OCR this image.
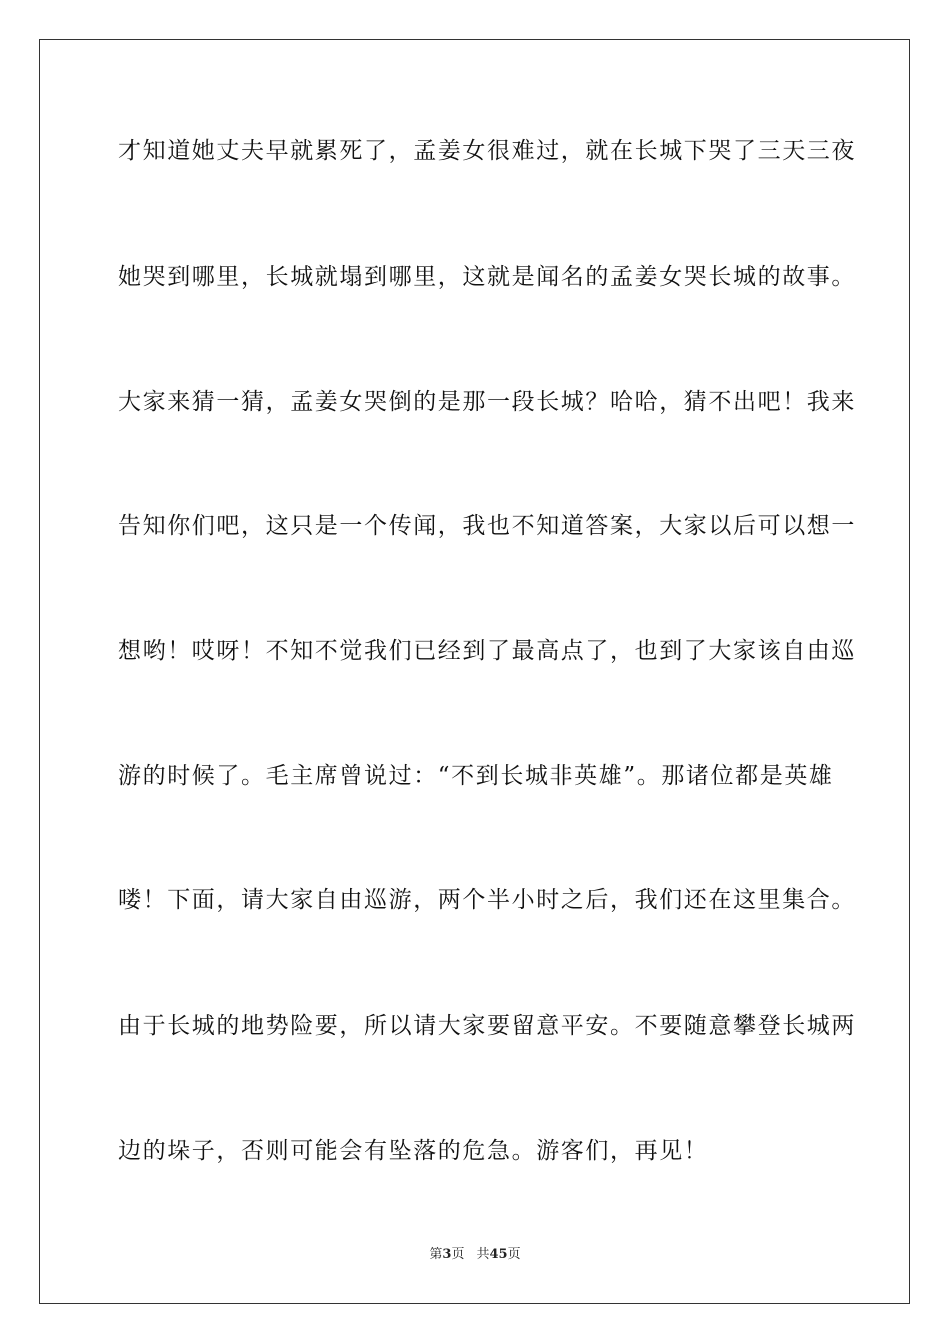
才知道她丈夫早就累死了，孟姜女很难过，就在长城下哭了三天三夜
她哭到哪里，长城就塌到哪里，这就是闻名的孟姜女哭长城的故事。
大家来猜一猜，孟姜女哭倒的是那一段长城？哈哈，猜不出吧！我来
告知你们吧，这只是一个传闻，我也不知道答案，大家以后可以想一
想哟！哎呀！不知不觉我们已经到了最高点了，也到了大家该自由巡
游的时候了。毛主席曾说过：“不到长城非英雄”。那诸位都是英雄
喽！下面，请大家自由巡游，两个半小时之后，我们还在这里集合。
由于长城的地势险要，所以请大家要留意平安。不要随意攀登长城两
边的垛子，否则可能会有坠落的危急。游客们，再见！
第3页 共45页
